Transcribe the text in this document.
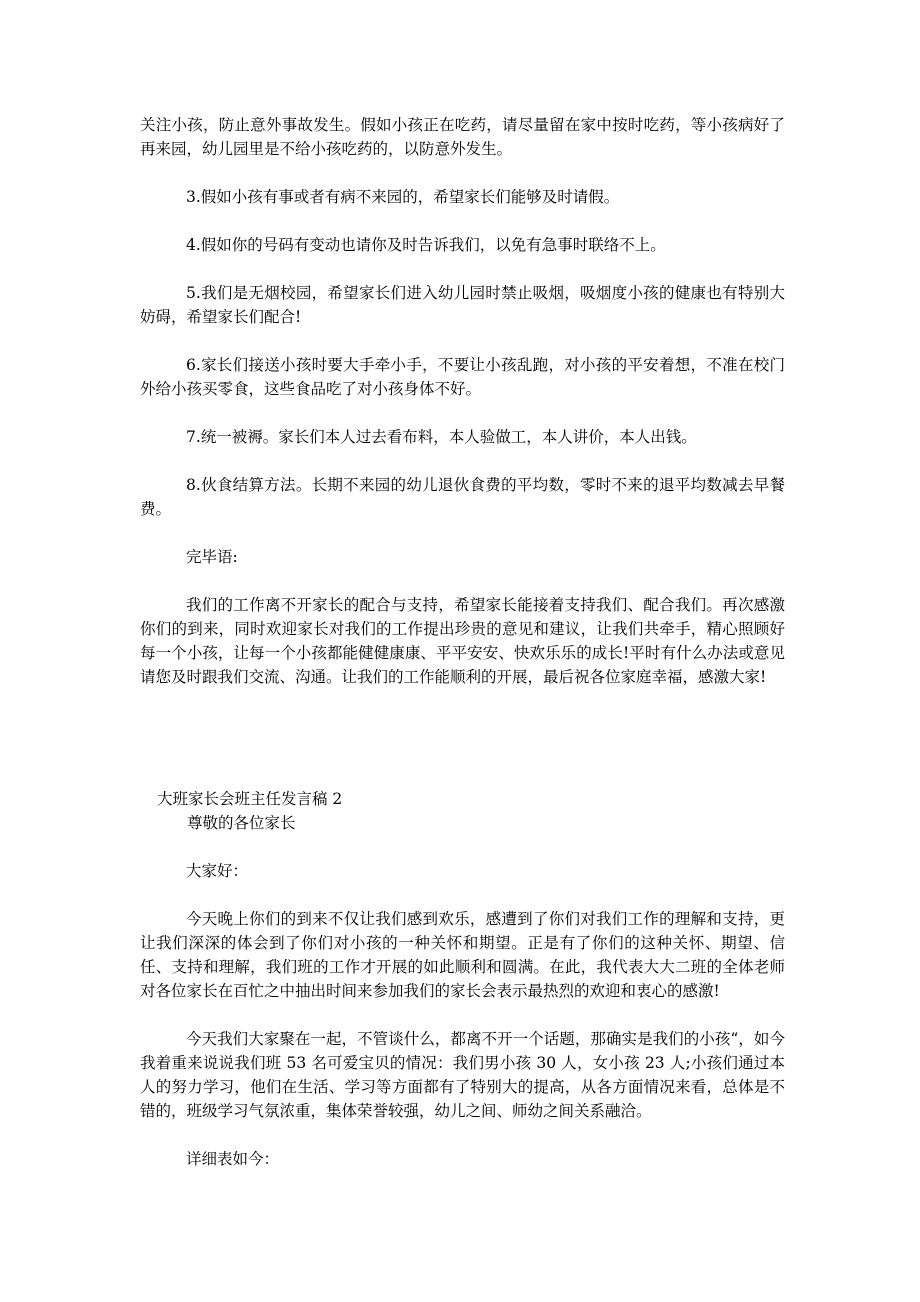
关注小孩，防止意外事故发生。假如小孩正在吃药，请尽量留在家中按时吃药，等小孩病好了再来园，幼儿园里是不给小孩吃药的，以防意外发生。

3.假如小孩有事或者有病不来园的，希望家长们能够及时请假。

4.假如你的号码有变动也请你及时告诉我们，以免有急事时联络不上。

5.我们是无烟校园，希望家长们进入幼儿园时禁止吸烟，吸烟度小孩的健康也有特别大妨碍，希望家长们配合!

6.家长们接送小孩时要大手牵小手，不要让小孩乱跑，对小孩的平安着想，不准在校门外给小孩买零食，这些食品吃了对小孩身体不好。

7.统一被褥。家长们本人过去看布料，本人验做工，本人讲价，本人出钱。

8.伙食结算方法。长期不来园的幼儿退伙食费的平均数，零时不来的退平均数减去早餐费。

完毕语:

我们的工作离不开家长的配合与支持，希望家长能接着支持我们、配合我们。再次感激你们的到来，同时欢迎家长对我们的工作提出珍贵的意见和建议，让我们共牵手，精心照顾好每一个小孩，让每一个小孩都能健健康康、平平安安、快欢乐乐的成长!平时有什么办法或意见请您及时跟我们交流、沟通。让我们的工作能顺利的开展，最后祝各位家庭幸福，感激大家!

大班家长会班主任发言稿 2

尊敬的各位家长

大家好：

今天晚上你们的到来不仅让我们感到欢乐，感遭到了你们对我们工作的理解和支持，更让我们深深的体会到了你们对小孩的一种关怀和期望。正是有了你们的这种关怀、期望、信任、支持和理解，我们班的工作才开展的如此顺利和圆满。在此，我代表大大二班的全体老师对各位家长在百忙之中抽出时间来参加我们的家长会表示最热烈的欢迎和衷心的感激!

今天我们大家聚在一起，不管谈什么，都离不开一个话题，那确实是我们的小孩“，如今我着重来说说我们班 53 名可爱宝贝的情况：我们男小孩 30 人，女小孩 23 人;小孩们通过本人的努力学习，他们在生活、学习等方面都有了特别大的提高，从各方面情况来看，总体是不错的，班级学习气氛浓重，集体荣誉较强，幼儿之间、师幼之间关系融洽。

详细表如今：
